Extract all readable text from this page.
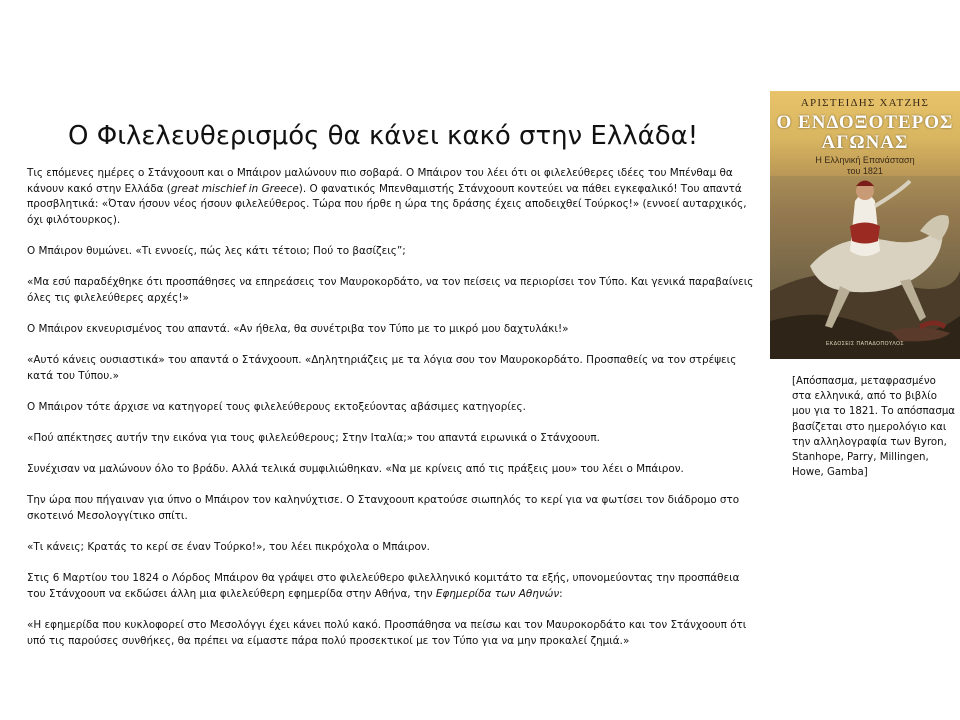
Ο Φιλελευθερισμός θα κάνει κακό στην Ελλάδα!

Τις επόμενες ημέρες ο Στάνχοουπ και ο Μπάιρον μαλώνουν πιο σοβαρά. Ο Μπάιρον του λέει ότι οι φιλελεύθερες ιδέες του Μπένθαμ θα κάνουν κακό στην Ελλάδα (great mischief in Greece). Ο φανατικός Μπενθαμιστής Στάνχοουπ κοντεύει να πάθει εγκεφαλικό! Του απαντά προσβλητικά: «Όταν ήσουν νέος ήσουν φιλελεύθερος. Τώρα που ήρθε η ώρα της δράσης έχεις αποδειχθεί Τούρκος!» (εννοεί αυταρχικός, όχι φιλότουρκος).

Ο Μπάιρον θυμώνει. «Τι εννοείς, πώς λες κάτι τέτοιο; Πού το βασίζεις”;

«Μα εσύ παραδέχθηκε ότι προσπάθησες να επηρεάσεις τον Μαυροκορδάτο, να τον πείσεις να περιορίσει τον Τύπο. Και γενικά παραβαίνεις όλες τις φιλελεύθερες αρχές!»

Ο Μπάιρον εκνευρισμένος του απαντά. «Αν ήθελα, θα συνέτριβα τον Τύπο με το μικρό μου δαχτυλάκι!»

«Αυτό κάνεις ουσιαστικά» του απαντά ο Στάνχοουπ. «Δηλητηριάζεις με τα λόγια σου τον Μαυροκορδάτο. Προσπαθείς να τον στρέψεις κατά του Τύπου.»

Ο Μπάιρον τότε άρχισε να κατηγορεί τους φιλελεύθερους εκτοξεύοντας αβάσιμες κατηγορίες.

«Πού απέκτησες αυτήν την εικόνα για τους φιλελεύθερους; Στην Ιταλία;» του απαντά ειρωνικά ο Στάνχοουπ.

Συνέχισαν να μαλώνουν όλο το βράδυ. Αλλά τελικά συμφιλιώθηκαν. «Να με κρίνεις από τις πράξεις μου» του λέει ο Μπάιρον.

Την ώρα που πήγαιναν για ύπνο ο Μπάιρον τον καληνύχτισε. Ο Στανχοουπ κρατούσε σιωπηλός το κερί για να φωτίσει τον διάδρομο στο σκοτεινό Μεσολογγίτικο σπίτι.

«Τι κάνεις; Κρατάς το κερί σε έναν Τούρκο!», του λέει πικρόχολα ο Μπάιρον.

Στις 6 Μαρτίου του 1824 ο Λόρδος Μπάιρον θα γράψει στο φιλελεύθερο φιλελληνικό κομιτάτο τα εξής, υπονομεύοντας την προσπάθεια του Στάνχοουπ να εκδώσει άλλη μια φιλελεύθερη εφημερίδα στην Αθήνα, την Εφημερίδα των Αθηνών:

«Η εφημερίδα που κυκλοφορεί στο Μεσολόγγι έχει κάνει πολύ κακό. Προσπάθησα να πείσω και τον Μαυροκορδάτο και τον Στάνχοουπ ότι υπό τις παρούσες συνθήκες, θα πρέπει να είμαστε πάρα πολύ προσεκτικοί με τον Τύπο για να μην προκαλεί ζημιά.»

ΑΡΙΣΤΕΙΔΗΣ ΧΑΤΖΗΣ
Ο ΕΝΔΟΞΟΤΕΡΟΣ
ΑΓΩΝΑΣ
Η Ελληνική Επανάσταση
του 1821
ΕΚΔΟΣΕΙΣ ΠΑΠΑΔΟΠΟΥΛΟΣ
[Απόσπασμα, μεταφρασμένο στα ελληνικά, από το βιβλίο μου για το 1821. Το απόσπασμα βασίζεται στο ημερολόγιο και την αλληλογραφία των Byron, Stanhope, Parry, Millingen, Howe, Gamba]
